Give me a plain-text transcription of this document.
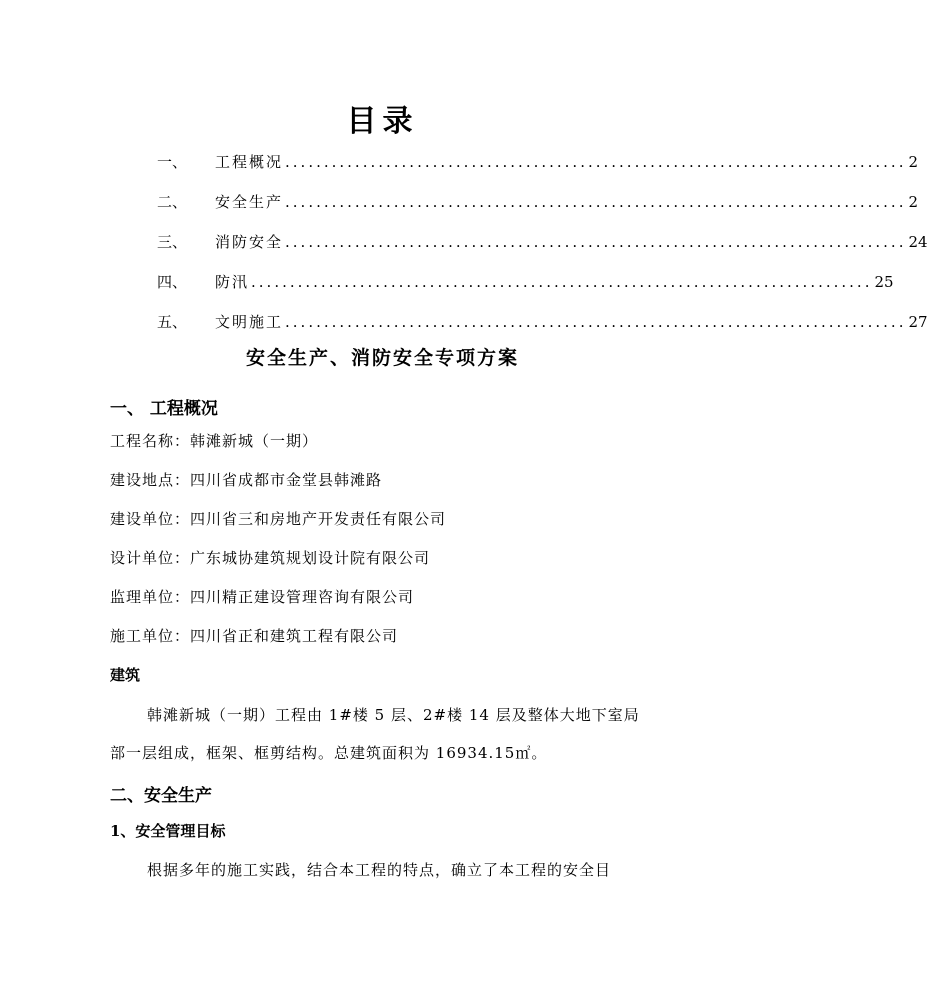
目录
一、	工程概况 ................................................................................ 2
二、	安全生产 ................................................................................ 2
三、	消防安全 ................................................................................ 24
四、	防汛 ................................................................................ 25
五、	文明施工 ................................................................................ 27
安全生产、消防安全专项方案
一、 工程概况
工程名称：韩滩新城（一期）
建设地点：四川省成都市金堂县韩滩路
建设单位：四川省三和房地产开发责任有限公司
设计单位：广东城协建筑规划设计院有限公司
监理单位：四川精正建设管理咨询有限公司
施工单位：四川省正和建筑工程有限公司
建筑
韩滩新城（一期）工程由 1#楼 5 层、2#楼 14 层及整体大地下室局
部一层组成，框架、框剪结构。总建筑面积为 16934.15㎡。
二、安全生产
1、安全管理目标
根据多年的施工实践，结合本工程的特点，确立了本工程的安全目
